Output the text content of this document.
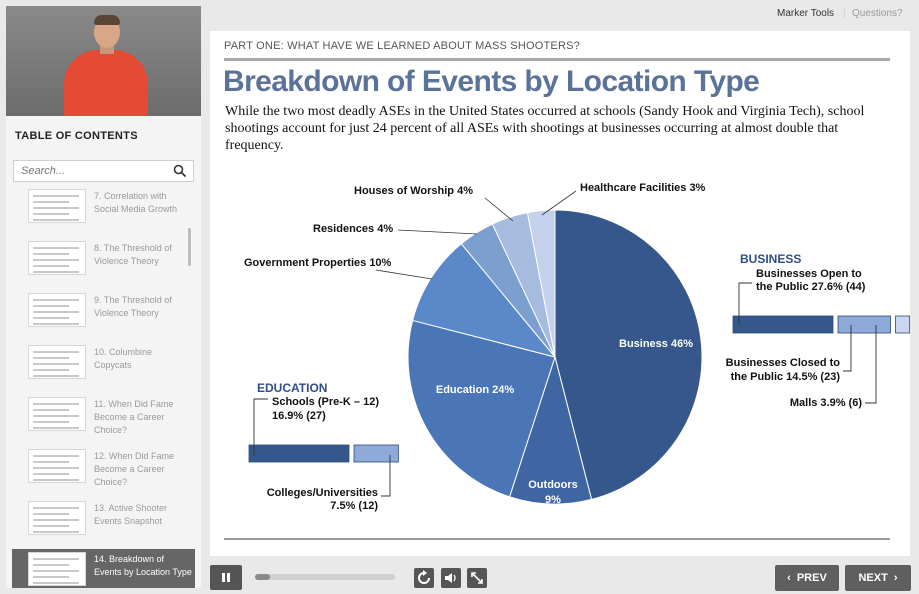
TABLE OF CONTENTS
Search...
7. Correlation with Social Media Growth
8. The Threshold of Violence Theory
9. The Threshold of Violence Theory
10. Columbine Copycats
11. When Did Fame Become a Career Choice?
12. When Did Fame Become a Career Choice?
13. Active Shooter Events Snapshot
14. Breakdown of Events by Location Type
Marker Tools | Questions?
PART ONE: WHAT HAVE WE LEARNED ABOUT MASS SHOOTERS?
Breakdown of Events by Location Type
While the two most deadly ASEs in the United States occurred at schools (Sandy Hook and Virginia Tech), school shootings account for just 24 percent of all ASEs with shootings at businesses occurring at almost double that frequency.
Business 46%
Outdoors
9%
Education 24%
Government Properties 10%
Residences 4%
Houses of Worship 4%	Healthcare Facilities 3%
EDUCATION
Schools (Pre-K – 12)
16.9% (27)
Colleges/Universities
7.5% (12)
BUSINESS
Businesses Open to
the Public 27.6% (44)
Businesses Closed to
the Public 14.5% (23)
Malls 3.9% (6)
‹ PREV	NEXT ›
